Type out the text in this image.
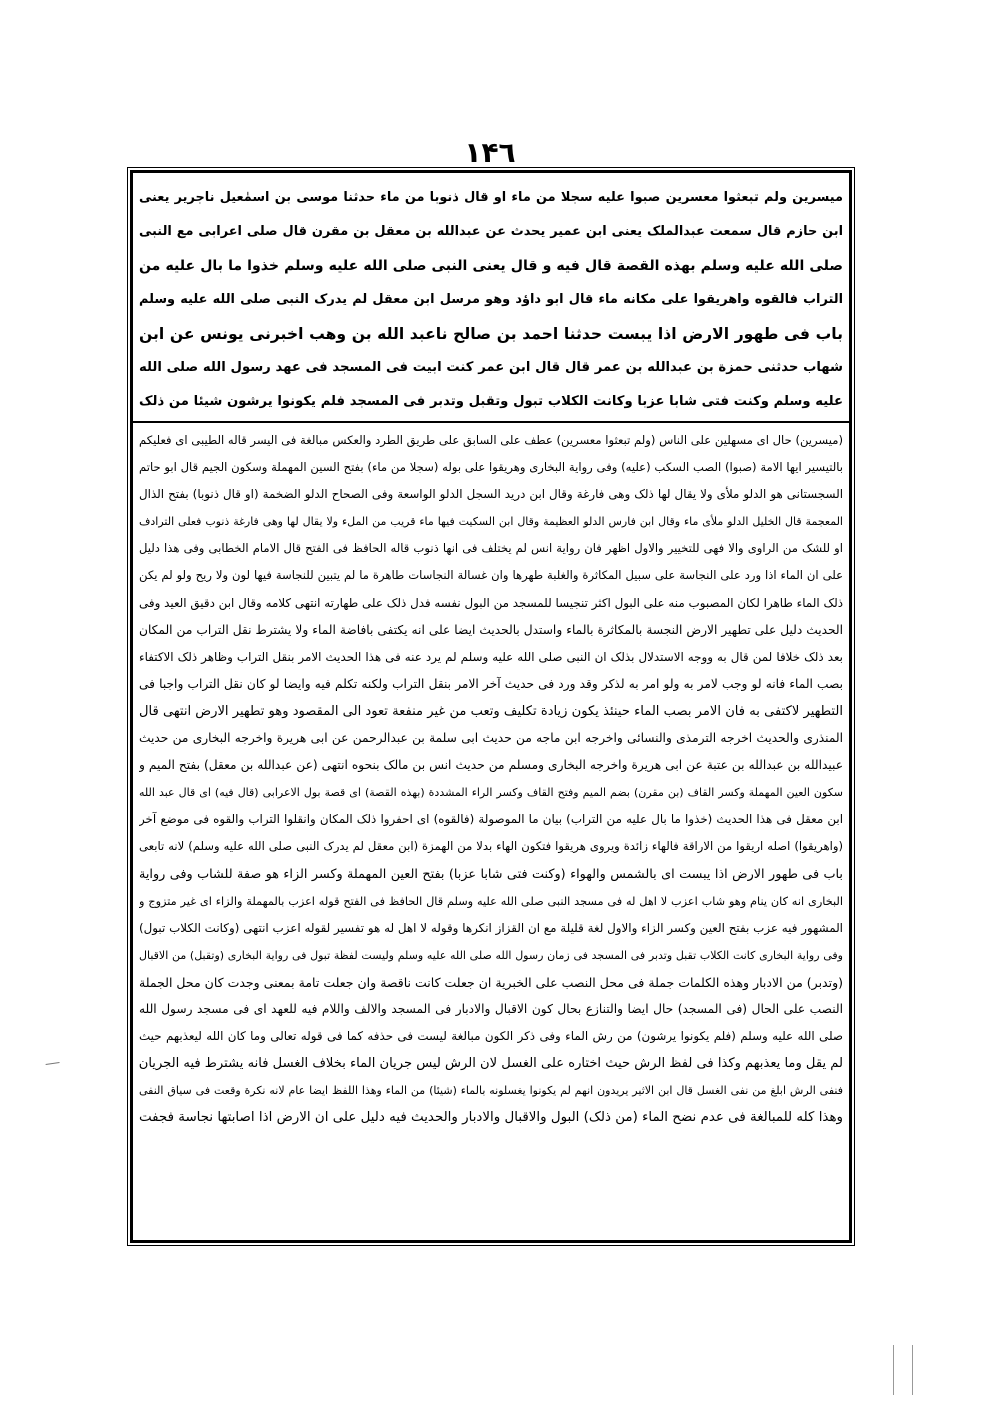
١۴٦
میسرین ولم تبعثوا معسرین صبوا علیه سجلا من ماء او قال ذنوبا من ماء حدثنا موسی بن اسمٰعیل ناجریر یعنی
ابن حازم قال سمعت عبدالملک یعنی ابن عمیر یحدث عن عبدالله بن معقل بن مقرن قال صلی اعرابی مع النبی
صلی الله علیه وسلم بهذه القصة قال فیه و قال یعنی النبی صلی الله علیه وسلم خذوا ما بال علیه من
التراب فالقوه واهریقوا علی مکانه ماء قال ابو داؤد وهو مرسل ابن معقل لم یدرک النبی صلی الله علیه وسلم
باب فی طهور الارض اذا یبست حدثنا احمد بن صالح ناعبد الله بن وهب اخبرنی یونس عن ابن
شهاب حدثنی حمزة بن عبدالله بن عمر قال قال ابن عمر کنت ابیت فی المسجد فی عهد رسول الله صلی الله
علیه وسلم وکنت فتی شابا عزبا وکانت الکلاب تبول وتقبل وتدبر فی المسجد فلم یکونوا یرشون شیئا من ذلک
(میسرین) حال ای مسهلین علی الناس (ولم تبعثوا معسرین) عطف علی السابق علی طریق الطرد والعکس مبالغة فی الیسر قاله الطیبی ای فعلیکم
بالتیسیر ایها الامة (صبوا) الصب السکب (علیه) وفی روایة البخاری وهریقوا علی بوله (سجلا من ماء) بفتح السین المهملة وسکون الجیم قال ابو حاتم
السجستانی هو الدلو ملأی ولا یقال لها ذلک وهی فارغة وقال ابن درید السجل الدلو الواسعة وفی الصحاح الدلو الضخمة (او قال ذنوبا) بفتح الذال
المعجمة قال الخلیل الدلو ملأی ماء وقال ابن فارس الدلو العظیمة وقال ابن السکیت فیها ماء قریب من الملء ولا یقال لها وهی فارغة ذنوب فعلی الترادف
او للشک من الراوی والا فهی للتخییر والاول اظهر فان روایة انس لم یختلف فی انها ذنوب قاله الحافظ فی الفتح قال الامام الخطابی وفی هذا دلیل
علی ان الماء اذا ورد علی النجاسة علی سبیل المکاثرة والغلبة طهرها وان غسالة النجاسات طاهرة ما لم یتبین للنجاسة فیها لون ولا ریح ولو لم یکن
ذلک الماء طاهرا لکان المصبوب منه علی البول اکثر تنجیسا للمسجد من البول نفسه فدل ذلک علی طهارته انتهی کلامه وقال ابن دقیق العید وفی
الحدیث دلیل علی تطهیر الارض النجسة بالمکاثرة بالماء واستدل بالحدیث ایضا علی انه یکتفی بافاضة الماء ولا یشترط نقل التراب من المکان
بعد ذلک خلافا لمن قال به ووجه الاستدلال بذلک ان النبی صلی الله علیه وسلم لم یرد عنه فی هذا الحدیث الامر بنقل التراب وظاهر ذلک الاکتفاء
بصب الماء فانه لو وجب لامر به ولو امر به لذکر وقد ورد فی حدیث آخر الامر بنقل التراب ولکنه تکلم فیه وایضا لو کان نقل التراب واجبا فی
التطهیر لاکتفی به فان الامر بصب الماء حینئذ یکون زیادة تکلیف وتعب من غیر منفعة تعود الی المقصود وهو تطهیر الارض انتهی قال
المنذری والحدیث اخرجه الترمذی والنسائی واخرجه ابن ماجه من حدیث ابی سلمة بن عبدالرحمن عن ابی هریرة واخرجه البخاری من حدیث
عبیدالله بن عبدالله بن عتبة عن ابی هریرة واخرجه البخاری ومسلم من حدیث انس بن مالک بنحوه انتهی (عن عبدالله بن معقل) بفتح المیم و
سکون العین المهملة وکسر القاف (بن مقرن) بضم المیم وفتح القاف وکسر الراء المشددة (بهذه القصة) ای قصة بول الاعرابی (قال فیه) ای قال عبد الله
ابن معقل فی هذا الحدیث (خذوا ما بال علیه من التراب) بیان ما الموصولة (فالقوه) ای احفروا ذلک المکان وانقلوا التراب والقوه فی موضع آخر
(واهریقوا) اصله اریقوا من الاراقة فالهاء زائدة ویروی هریقوا فتکون الهاء بدلا من الهمزة (ابن معقل لم یدرک النبی صلی الله علیه وسلم) لانه تابعی
باب فی طهور الارض اذا یبست ای بالشمس والهواء (وکنت فتی شابا عزبا) بفتح العین المهملة وکسر الزاء هو صفة للشاب وفی روایة
البخاری انه کان ینام وهو شاب اعزب لا اهل له فی مسجد النبی صلی الله علیه وسلم قال الحافظ فی الفتح قوله اعزب بالمهملة والزاء ای غیر متزوج و
المشهور فیه عزب بفتح العین وکسر الزاء والاول لغة قلیلة مع ان القزاز انکرها وقوله لا اهل له هو تفسیر لقوله اعزب انتهی (وکانت الکلاب تبول)
وفی روایة البخاری کانت الکلاب تقبل وتدبر فی المسجد فی زمان رسول الله صلی الله علیه وسلم ولیست لفظة تبول فی روایة البخاری (وتقبل) من الاقبال
(وتدبر) من الادبار وهذه الکلمات جملة فی محل النصب علی الخبریة ان جعلت کانت ناقصة وان جعلت تامة بمعنی وجدت کان محل الجملة
النصب علی الحال (فی المسجد) حال ایضا والتنازع بحال کون الاقبال والادبار فی المسجد والالف واللام فیه للعهد ای فی مسجد رسول الله
صلی الله علیه وسلم (فلم یکونوا یرشون) من رش الماء وفی ذکر الکون مبالغة لیست فی حذفه کما فی قوله تعالی وما کان الله لیعذبهم حیث
لم یقل وما یعذبهم وکذا فی لفظ الرش حیث اختاره علی الغسل لان الرش لیس جریان الماء بخلاف الغسل فانه یشترط فیه الجریان
فنفی الرش ابلغ من نفی الغسل قال ابن الاثیر یریدون انهم لم یکونوا یغسلونه بالماء (شیئا) من الماء وهذا اللفظ ایضا عام لانه نکرة وقعت فی سیاق النفی
وهذا کله للمبالغة فی عدم نضح الماء (من ذلک) البول والاقبال والادبار والحدیث فیه دلیل علی ان الارض اذا اصابتها نجاسة فجفت
